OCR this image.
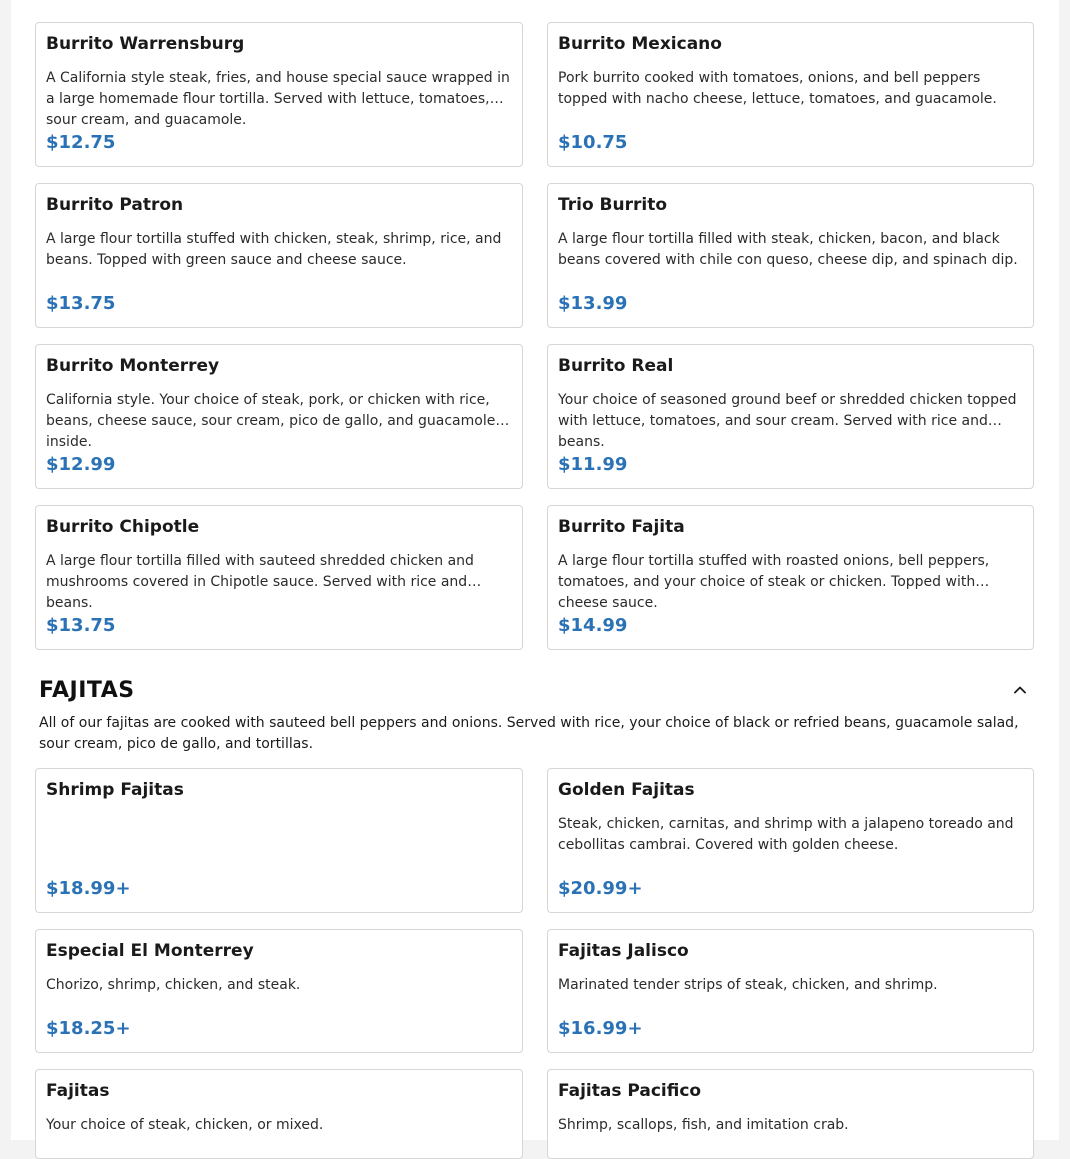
Burrito Warrensburg
A California style steak, fries, and house special sauce wrapped in a large homemade flour tortilla. Served with lettuce, tomatoes, sour cream, and guacamole.
$12.75
Burrito Mexicano
Pork burrito cooked with tomatoes, onions, and bell peppers topped with nacho cheese, lettuce, tomatoes, and guacamole.
$10.75
Burrito Patron
A large flour tortilla stuffed with chicken, steak, shrimp, rice, and beans. Topped with green sauce and cheese sauce.
$13.75
Trio Burrito
A large flour tortilla filled with steak, chicken, bacon, and black beans covered with chile con queso, cheese dip, and spinach dip.
$13.99
Burrito Monterrey
California style. Your choice of steak, pork, or chicken with rice, beans, cheese sauce, sour cream, pico de gallo, and guacamole inside.
$12.99
Burrito Real
Your choice of seasoned ground beef or shredded chicken topped with lettuce, tomatoes, and sour cream. Served with rice and beans.
$11.99
Burrito Chipotle
A large flour tortilla filled with sauteed shredded chicken and mushrooms covered in Chipotle sauce. Served with rice and beans.
$13.75
Burrito Fajita
A large flour tortilla stuffed with roasted onions, bell peppers, tomatoes, and your choice of steak or chicken. Topped with cheese sauce.
$14.99
FAJITAS
All of our fajitas are cooked with sauteed bell peppers and onions. Served with rice, your choice of black or refried beans, guacamole salad, sour cream, pico de gallo, and tortillas.
Shrimp Fajitas
$18.99+
Golden Fajitas
Steak, chicken, carnitas, and shrimp with a jalapeno toreado and cebollitas cambrai. Covered with golden cheese.
$20.99+
Especial El Monterrey
Chorizo, shrimp, chicken, and steak.
$18.25+
Fajitas Jalisco
Marinated tender strips of steak, chicken, and shrimp.
$16.99+
Fajitas
Your choice of steak, chicken, or mixed.
Fajitas Pacifico
Shrimp, scallops, fish, and imitation crab.
